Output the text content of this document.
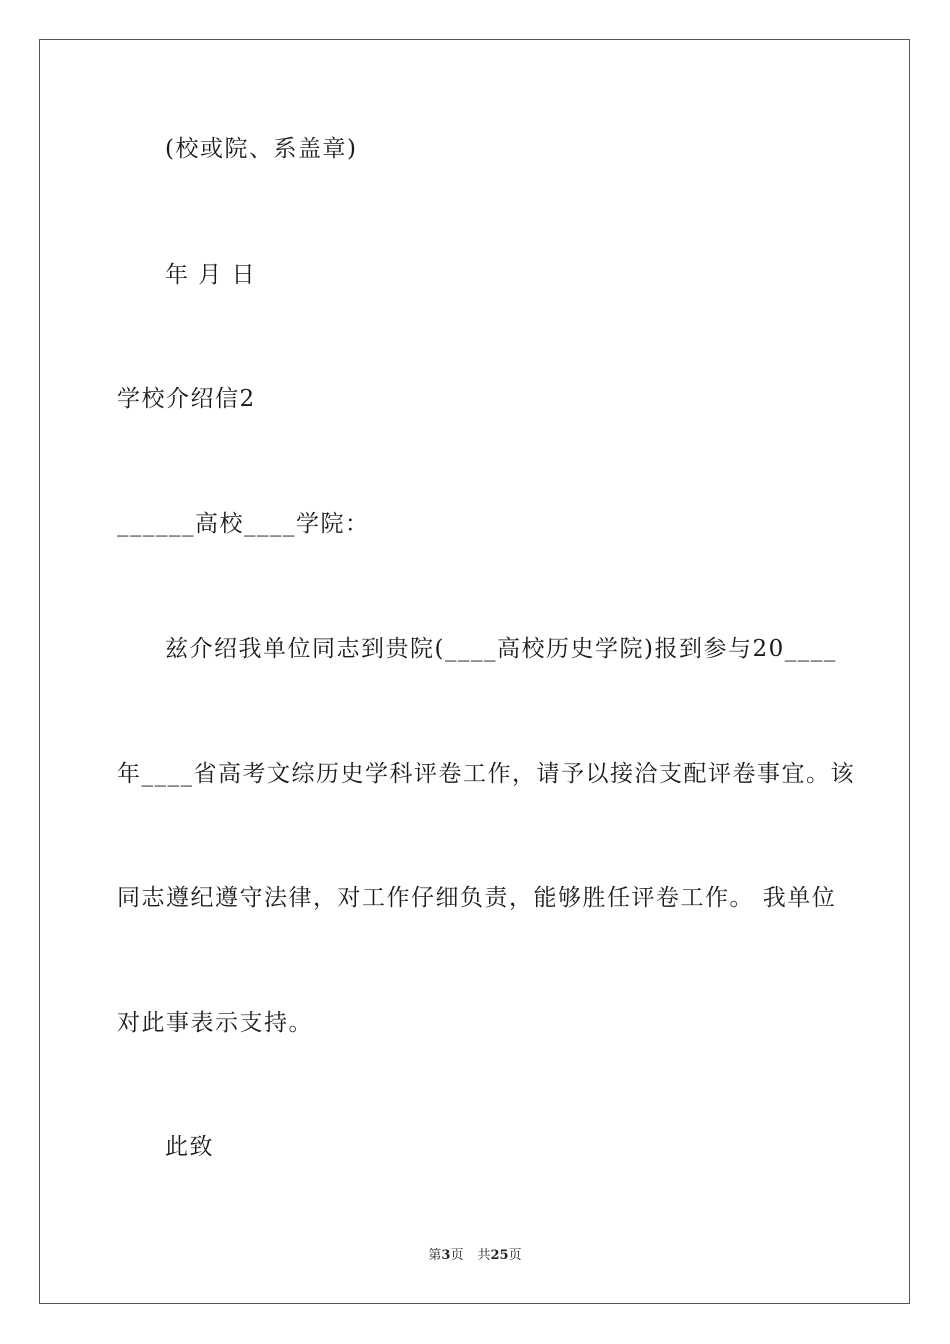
(校或院、系盖章)
年 月 日
学校介绍信2
______高校____学院：
兹介绍我单位同志到贵院(____高校历史学院)报到参与20____
年____省高考文综历史学科评卷工作，请予以接洽支配评卷事宜。该
同志遵纪遵守法律，对工作仔细负责，能够胜任评卷工作。 我单位
对此事表示支持。
此致
第3页 共25页
